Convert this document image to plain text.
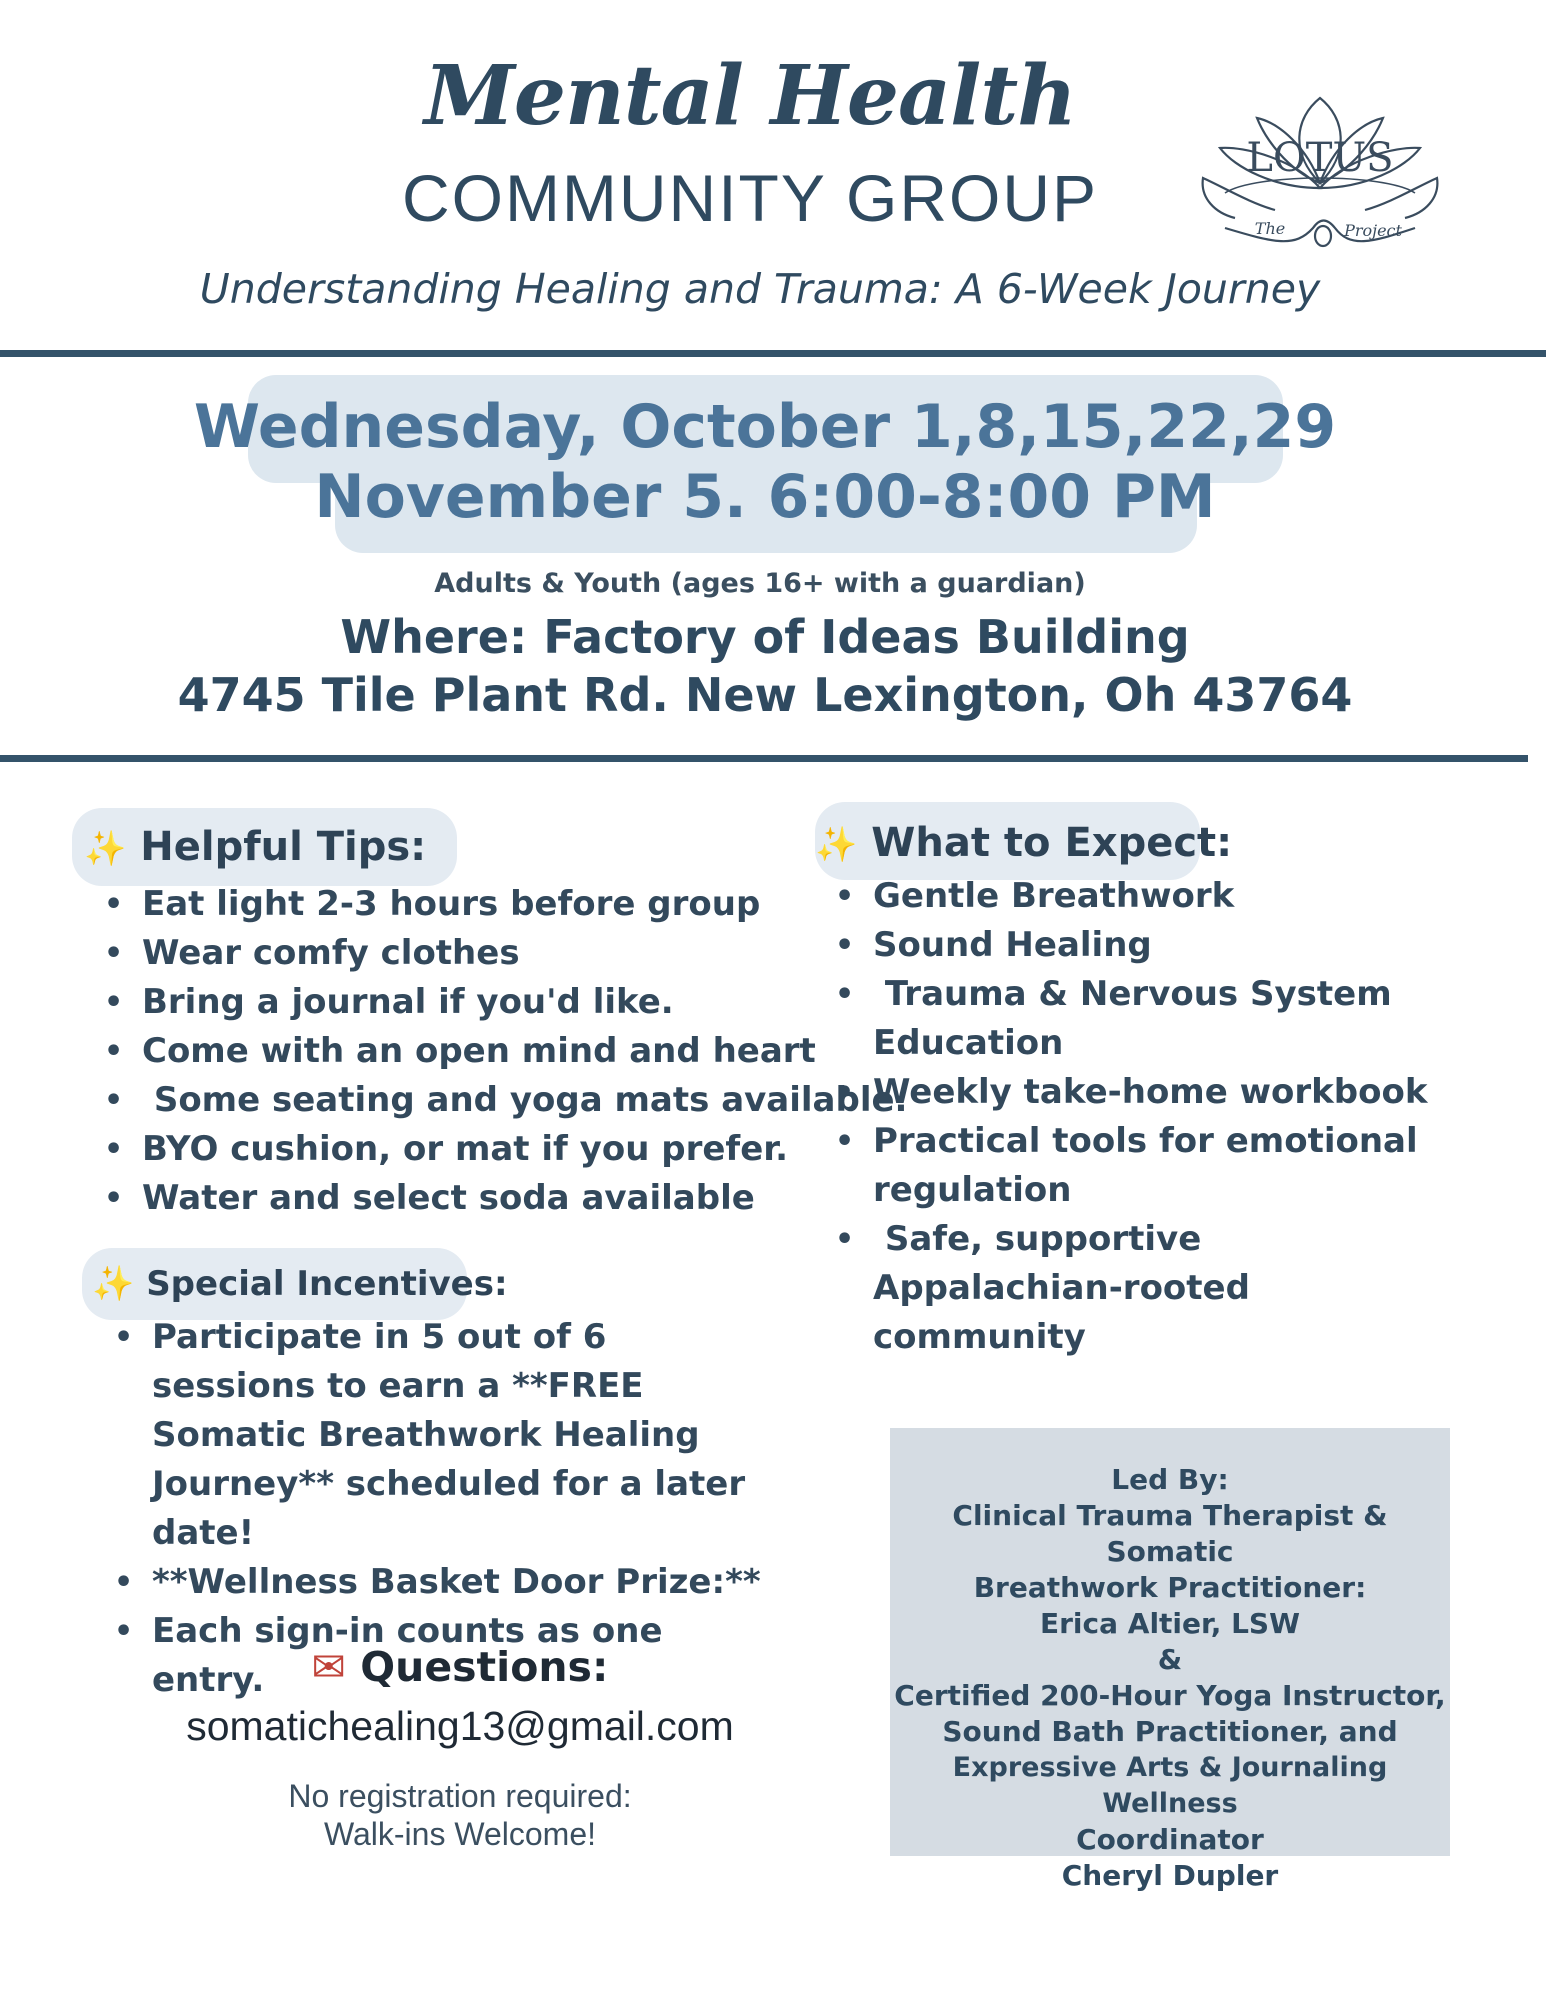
Mental Health
COMMUNITY GROUP
LOTUS
The	Project
Understanding Healing and Trauma: A 6-Week Journey
Wednesday, October 1,8,15,22,29
November 5. 6:00-8:00 PM
Adults & Youth (ages 16+ with a guardian)
Where: Factory of Ideas Building
4745 Tile Plant Rd. New Lexington, Oh 43764
✨ Helpful Tips:
• Eat light 2-3 hours before group
• Wear comfy clothes
• Bring a journal if you'd like.
• Come with an open mind and heart
•  Some seating and yoga mats available.
• BYO cushion, or mat if you prefer.
• Water and select soda available
✨ What to Expect:
• Gentle Breathwork
• Sound Healing
•  Trauma & Nervous System Education
• Weekly take-home workbook
• Practical tools for emotional regulation
•  Safe, supportive Appalachian-rooted community
✨ Special Incentives:
• Participate in 5 out of 6 sessions to earn a **FREE Somatic Breathwork Healing Journey** scheduled for a later date!
• **Wellness Basket Door Prize:**
• Each sign-in counts as one entry.	✉ Questions:
somatichealing13@gmail.com
No registration required:
Walk-ins Welcome!
Led By:
Clinical Trauma Therapist & Somatic
Breathwork Practitioner:
Erica Altier, LSW
&
Certified 200-Hour Yoga Instructor,
Sound Bath Practitioner, and
Expressive Arts & Journaling Wellness
Coordinator
Cheryl Dupler
